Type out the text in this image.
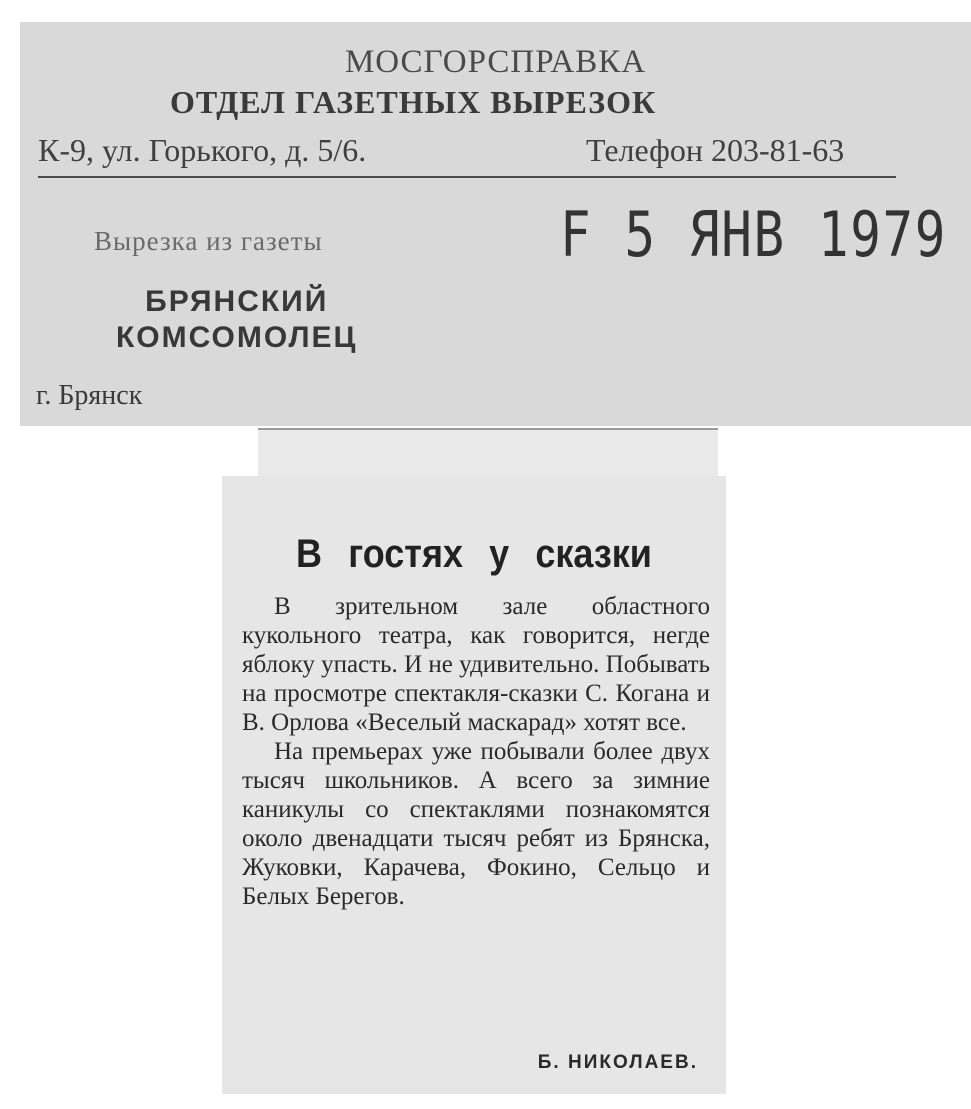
МОСГОРСПРАВКА
ОТДЕЛ ГАЗЕТНЫХ ВЫРЕЗОК
К-9, ул. Горького, д. 5/6.	Телефон 203-81-63
Вырезка из газеты
БРЯНСКИЙ
КОМСОМОЛЕЦ
г. Брянск
F 5 ЯНВ 1979
В гостях у сказки

В зрительном зале областного кукольного театра, как говорится, негде яблоку упасть. И не удивительно. Побывать на просмотре спектакля-сказки С. Когана и В. Орлова «Веселый маскарад» хотят все.

На премьерах уже побывали более двух тысяч школьников. А всего за зимние каникулы со спектаклями познакомятся около двенадцати тысяч ребят из Брянска, Жуковки, Карачева, Фокино, Сельцо и Белых Берегов.

Б. НИКОЛАЕВ.
